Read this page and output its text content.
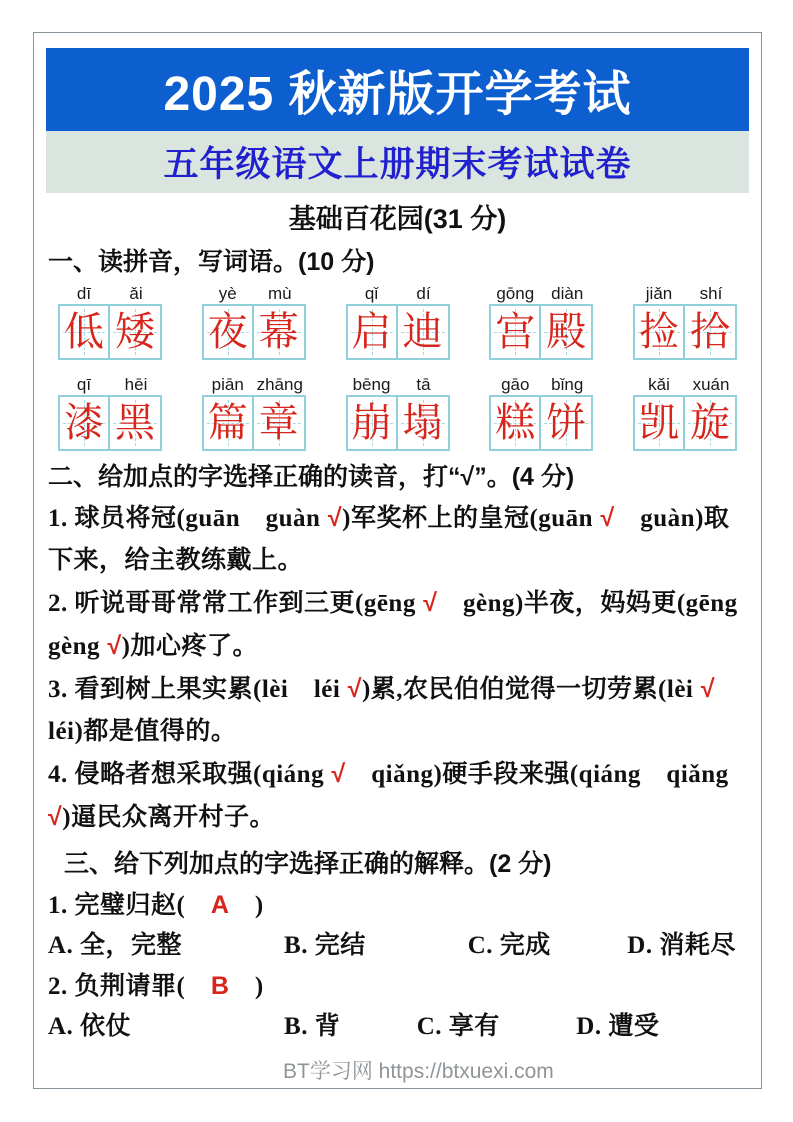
2025 秋新版开学考试
五年级语文上册期末考试试卷
基础百花园(31 分)

一、读拼音，写词语。(10 分)

dī	ǎi
低 矮
yè	mù
夜 幕
qǐ	dí
启 迪
gōng	diàn
宫 殿
jiǎn	shí
捡 拾
qī	hēi
漆 黑
piān zhāng
篇 章
bēng	tā
崩 塌
gāo	bǐng
糕 饼
kǎi	xuán
凯 旋

二、给加点的字选择正确的读音，打“√”。(4 分)

1. 球员将冠(guān　guàn √)军奖杯上的皇冠(guān √　guàn)取下来，给主教练戴上。

2. 听说哥哥常常工作到三更(gēng √　gèng)半夜，妈妈更(gēng gèng √)加心疼了。

3. 看到树上果实累(lèi　léi √)累,农民伯伯觉得一切劳累(lèi √　léi)都是值得的。

4. 侵略者想采取强(qiáng √　qiǎng)硬手段来强(qiáng　qiǎng √)逼民众离开村子。

三、给下列加点的字选择正确的解释。(2 分)

1. 完璧归赵(　A　)

A. 全，完整　　　　B. 完结　　　　C. 完成　　　D. 消耗尽

2. 负荆请罪(　B　)

A. 依仗　　　　　　B. 背　　　C. 享有　　　D. 遭受

BT学习网 https://btxuexi.com
